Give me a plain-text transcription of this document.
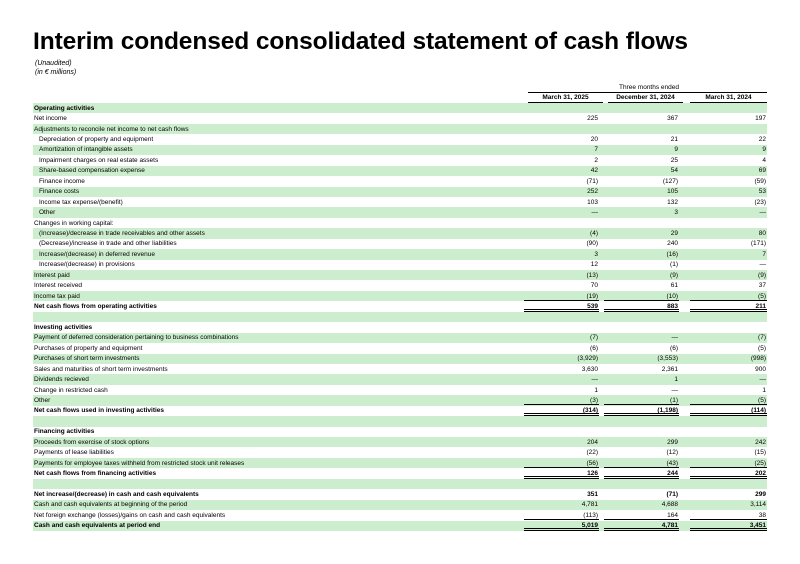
Interim condensed consolidated statement of cash flows
(Unaudited)
(in € millions)
Three months ended
March 31, 2025	December 31, 2024	March 31, 2024
Operating activities
Net income	225	367	197
Adjustments to reconcile net income to net cash flows
Depreciation of property and equipment	20	21	22
Amortization of intangible assets	7	9	9
Impairment charges on real estate assets	2	25	4
Share-based compensation expense	42	54	69
Finance income	(71)	(127)	(59)
Finance costs	252	105	53
Income tax expense/(benefit)	103	132	(23)
Other	—	3	—
Changes in working capital:
(Increase)/decrease in trade receivables and other assets	(4)	29	80
(Decrease)/increase in trade and other liabilities	(90)	240	(171)
Increase/(decrease) in deferred revenue	3	(16)	7
Increase/(decrease) in provisions	12	(1)	—
Interest paid	(13)	(9)	(9)
Interest received	70	61	37
Income tax paid	(19)	(10)	(5)
Net cash flows from operating activities	539	883	211
Investing activities
Payment of deferred consideration pertaining to business combinations	(7)	—	(7)
Purchases of property and equipment	(6)	(6)	(5)
Purchases of short term investments	(3,929)	(3,553)	(998)
Sales and maturities of short term investments	3,630	2,361	900
Dividends recieved	—	1	—
Change in restricted cash	1	—	1
Other	(3)	(1)	(5)
Net cash flows used in investing activities	(314)	(1,198)	(114)
Financing activities
Proceeds from exercise of stock options	204	299	242
Payments of lease liabilities	(22)	(12)	(15)
Payments for employee taxes withheld from restricted stock unit releases	(56)	(43)	(25)
Net cash flows from financing activities	126	244	202
Net increase/(decrease) in cash and cash equivalents	351	(71)	299
Cash and cash equivalents at beginning of the period	4,781	4,688	3,114
Net foreign exchange (losses)/gains on cash and cash equivalents	(113)	164	38
Cash and cash equivalents at period end	5,019	4,781	3,451
